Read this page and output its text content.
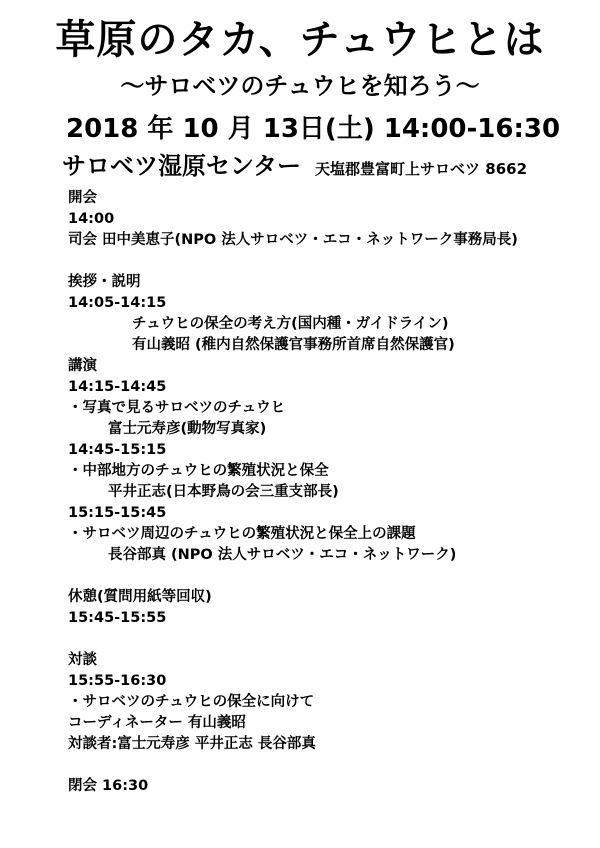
草原のタカ、チュウヒとは
〜サロベツのチュウヒを知ろう〜
2018 年 10 月 13日(土) 14:00-16:30
サロベツ湿原センター 天塩郡豊富町上サロベツ 8662
開会
14:00
司会 田中美恵子(NPO 法人サロベツ・エコ・ネットワーク事務局長)
挨拶・説明
14:05-14:15
チュウヒの保全の考え方(国内種・ガイドライン)
有山義昭 (稚内自然保護官事務所首席自然保護官)
講演
14:15-14:45
・写真で見るサロベツのチュウヒ
富士元寿彦(動物写真家)
14:45-15:15
・中部地方のチュウヒの繁殖状況と保全
平井正志(日本野鳥の会三重支部長)
15:15-15:45
・サロベツ周辺のチュウヒの繁殖状況と保全上の課題
長谷部真 (NPO 法人サロベツ・エコ・ネットワーク)
休憩(質問用紙等回収)
15:45-15:55
対談
15:55-16:30
・サロベツのチュウヒの保全に向けて
コーディネーター 有山義昭
対談者:富士元寿彦 平井正志 長谷部真
閉会 16:30
